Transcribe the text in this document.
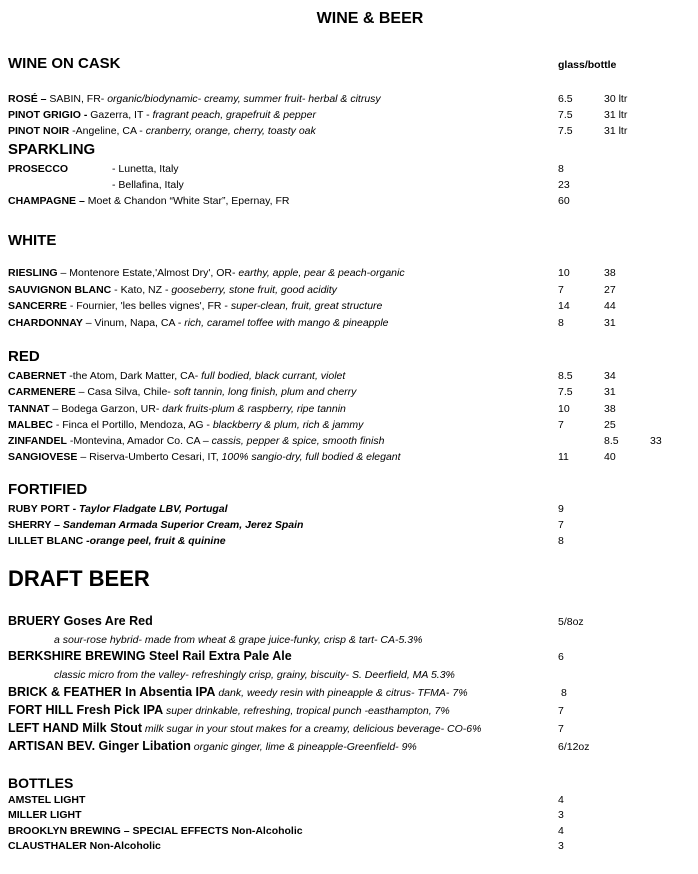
WINE & BEER
WINE ON CASK	glass/bottle
ROSÉ – SABIN, FR- organic/biodynamic- creamy, summer fruit- herbal & citrusy	6.5	30 ltr
PINOT GRIGIO - Gazerra, IT - fragrant peach, grapefruit & pepper	7.5	31 ltr
PINOT NOIR -Angeline, CA - cranberry, orange, cherry, toasty oak	7.5	31 ltr
SPARKLING
PROSECCO	- Lunetta, Italy	8
- Bellafina, Italy	23
CHAMPAGNE – Moet & Chandon “White Star”, Epernay, FR	60
WHITE
RIESLING – Montenore Estate,'Almost Dry', OR- earthy, apple, pear & peach-organic	10	38
SAUVIGNON BLANC - Kato, NZ - gooseberry, stone fruit, good acidity	7	27
SANCERRE - Fournier, 'les belles vignes', FR - super-clean, fruit, great structure	14	44
CHARDONNAY – Vinum, Napa, CA - rich, caramel toffee with mango & pineapple	8	31
RED
CABERNET -the Atom, Dark Matter, CA- full bodied, black currant, violet	8.5	34
CARMENERE – Casa Silva, Chile- soft tannin, long finish, plum and cherry	7.5	31
TANNAT – Bodega Garzon, UR- dark fruits-plum & raspberry, ripe tannin	10	38
MALBEC - Finca el Portillo, Mendoza, AG - blackberry & plum, rich & jammy	7	25
ZINFANDEL -Montevina, Amador Co. CA – cassis, pepper & spice, smooth finish	8.5	33
SANGIOVESE – Riserva-Umberto Cesari, IT, 100% sangio-dry, full bodied & elegant	11	40
FORTIFIED
RUBY PORT - Taylor Fladgate LBV, Portugal	9
SHERRY – Sandeman Armada Superior Cream, Jerez Spain	7
LILLET BLANC -orange peel, fruit & quinine	8
DRAFT BEER
BRUERY Goses Are Red	5/8oz
a sour-rose hybrid- made from wheat & grape juice-funky, crisp & tart- CA-5.3%
BERKSHIRE BREWING Steel Rail Extra Pale Ale	6
classic micro from the valley- refreshingly crisp, grainy, biscuity- S. Deerfield, MA 5.3%
BRICK & FEATHER In Absentia IPA dank, weedy resin with pineapple & citrus- TFMA- 7%	8
FORT HILL Fresh Pick IPA super drinkable, refreshing, tropical punch -easthampton, 7%	7
LEFT HAND Milk Stout milk sugar in your stout makes for a creamy, delicious beverage- CO-6%	7
ARTISAN BEV. Ginger Libation organic ginger, lime & pineapple-Greenfield- 9%	6/12oz
BOTTLES
AMSTEL LIGHT	4
MILLER LIGHT	3
BROOKLYN BREWING – SPECIAL EFFECTS Non-Alcoholic	4
CLAUSTHALER Non-Alcoholic	3
